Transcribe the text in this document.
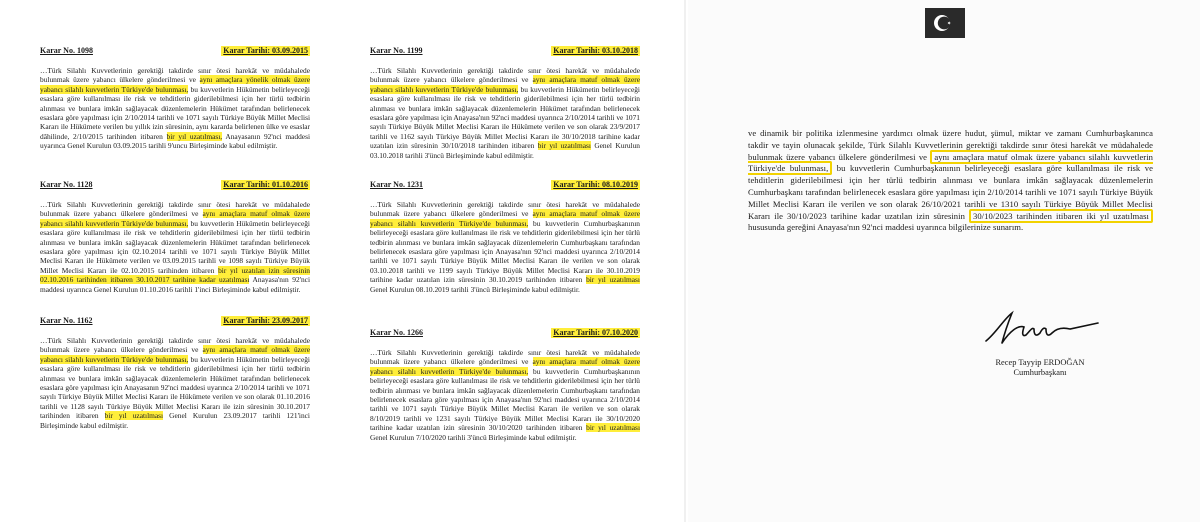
Karar No. 1098	Karar Tarihi: 03.09.2015
…Türk Silahlı Kuvvetlerinin gerektiği takdirde sınır ötesi harekât ve müdahalede bulunmak üzere yabancı ülkelere gönderilmesi ve aynı amaçlara yönelik olmak üzere yabancı silahlı kuvvetlerin Türkiye'de bulunması, bu kuvvetlerin Hükümetin belirleyeceği esaslara göre kullanılması ile risk ve tehditlerin giderilebilmesi için her türlü tedbirin alınması ve bunlara imkân sağlayacak düzenlemelerin Hükümet tarafından belirlenecek esaslara göre yapılması için 2/10/2014 tarihli ve 1071 sayılı Türkiye Büyük Millet Meclisi Kararı ile Hükümete verilen bu yıllık izin süresinin, aynı kararda belirlenen ülke ve esaslar dâhilinde, 2/10/2015 tarihinden itibaren bir yıl uzatılması, Anayasanın 92'nci maddesi uyarınca Genel Kurulun 03.09.2015 tarihli 9'uncu Birleşiminde kabul edilmiştir.
Karar No. 1128	Karar Tarihi: 01.10.2016
…Türk Silahlı Kuvvetlerinin gerektiği takdirde sınır ötesi harekât ve müdahalede bulunmak üzere yabancı ülkelere gönderilmesi ve aynı amaçlara matuf olmak üzere yabancı silahlı kuvvetlerin Türkiye'de bulunması, bu kuvvetlerin Hükümetin belirleyeceği esaslara göre kullanılması ile risk ve tehditlerin giderilebilmesi için her türlü tedbirin alınması ve bunlara imkân sağlayacak düzenlemelerin Hükümet tarafından belirlenecek esaslara göre yapılması için 02.10.2014 tarihli ve 1071 sayılı Türkiye Büyük Millet Meclisi Kararı ile Hükümete verilen ve 03.09.2015 tarihli ve 1098 sayılı Türkiye Büyük Millet Meclisi Kararı ile 02.10.2015 tarihinden itibaren bir yıl uzatılan izin süresinin 02.10.2016 tarihinden itibaren 30.10.2017 tarihine kadar uzatılması Anayasa'nın 92'nci maddesi uyarınca Genel Kurulun 01.10.2016 tarihli 1'inci Birleşiminde kabul edilmiştir.
Karar No. 1162	Karar Tarihi: 23.09.2017
…Türk Silahlı Kuvvetlerinin gerektiği takdirde sınır ötesi harekât ve müdahalede bulunmak üzere yabancı ülkelere gönderilmesi ve aynı amaçlara matuf olmak üzere yabancı silahlı kuvvetlerin Türkiye'de bulunması, bu kuvvetlerin Hükümetin belirleyeceği esaslara göre kullanılması ile risk ve tehditlerin giderilebilmesi için her türlü tedbirin alınması ve bunlara imkân sağlayacak düzenlemelerin Hükümet tarafından belirlenecek esaslara göre yapılması için Anayasanın 92'nci maddesi uyarınca 2/10/2014 tarihli ve 1071 sayılı Türkiye Büyük Millet Meclisi Kararı ile Hükümete verilen ve son olarak 01.10.2016 tarihli ve 1128 sayılı Türkiye Büyük Millet Meclisi Kararı ile izin süresinin 30.10.2017 tarihinden itibaren bir yıl uzatılması Genel Kurulun 23.09.2017 tarihli 121'inci Birleşiminde kabul edilmiştir.
Karar No. 1199	Karar Tarihi: 03.10.2018
…Türk Silahlı Kuvvetlerinin gerektiği takdirde sınır ötesi harekât ve müdahalede bulunmak üzere yabancı ülkelere gönderilmesi ve aynı amaçlara matuf olmak üzere yabancı silahlı kuvvetlerin Türkiye'de bulunması, bu kuvvetlerin Hükümetin belirleyeceği esaslara göre kullanılması ile risk ve tehditlerin giderilebilmesi için her türlü tedbirin alınması ve bunlara imkân sağlayacak düzenlemelerin Hükümet tarafından belirlenecek esaslara göre yapılması için Anayasa'nın 92'nci maddesi uyarınca 2/10/2014 tarihli ve 1071 sayılı Türkiye Büyük Millet Meclisi Kararı ile Hükümete verilen ve son olarak 23/9/2017 tarihli ve 1162 sayılı Türkiye Büyük Millet Meclisi Kararı ile 30/10/2018 tarihine kadar uzatılan izin süresinin 30/10/2018 tarihinden itibaren bir yıl uzatılması Genel Kurulun 03.10.2018 tarihli 3'üncü Birleşiminde kabul edilmiştir.
Karar No. 1231	Karar Tarihi: 08.10.2019
…Türk Silahlı Kuvvetlerinin gerektiği takdirde sınır ötesi harekât ve müdahalede bulunmak üzere yabancı ülkelere gönderilmesi ve aynı amaçlara matuf olmak üzere yabancı silahlı kuvvetlerin Türkiye'de bulunması, bu kuvvetlerin Cumhurbaşkanının belirleyeceği esaslara göre kullanılması ile risk ve tehditlerin giderilebilmesi için her türlü tedbirin alınması ve bunlara imkân sağlayacak düzenlemelerin Cumhurbaşkanı tarafından belirlenecek esaslara göre yapılması için Anayasa'nın 92'nci maddesi uyarınca 2/10/2014 tarihli ve 1071 sayılı Türkiye Büyük Millet Meclisi Kararı ile verilen ve son olarak 03.10.2018 tarihli ve 1199 sayılı Türkiye Büyük Millet Meclisi Kararı ile 30.10.2019 tarihine kadar uzatılan izin süresinin 30.10.2019 tarihinden itibaren bir yıl uzatılması Genel Kurulun 08.10.2019 tarihli 3'üncü Birleşiminde kabul edilmiştir.
Karar No. 1266	Karar Tarihi: 07.10.2020
…Türk Silahlı Kuvvetlerinin gerektiği takdirde sınır ötesi harekât ve müdahalede bulunmak üzere yabancı ülkelere gönderilmesi ve aynı amaçlara matuf olmak üzere yabancı silahlı kuvvetlerin Türkiye'de bulunması, bu kuvvetlerin Cumhurbaşkanının belirleyeceği esaslara göre kullanılması ile risk ve tehditlerin giderilebilmesi için her türlü tedbirin alınması ve bunlara imkân sağlayacak düzenlemelerin Cumhurbaşkanı tarafından belirlenecek esaslara göre yapılması için Anayasa'nın 92'nci maddesi uyarınca 2/10/2014 tarihli ve 1071 sayılı Türkiye Büyük Millet Meclisi Kararı ile verilen ve son olarak 8/10/2019 tarihli ve 1231 sayılı Türkiye Büyük Millet Meclisi Kararı ile 30/10/2020 tarihine kadar uzatılan izin süresinin 30/10/2020 tarihinden itibaren bir yıl uzatılması Genel Kurulun 7/10/2020 tarihli 3'üncü Birleşiminde kabul edilmiştir.
ve dinamik bir politika izlenmesine yardımcı olmak üzere hudut, şümul, miktar ve zamanı Cumhurbaşkanınca takdir ve tayin olunacak şekilde, Türk Silahlı Kuvvetlerinin gerektiği takdirde sınır ötesi harekât ve müdahalede bulunmak üzere yabancı ülkelere gönderilmesi ve aynı amaçlara matuf olmak üzere yabancı silahlı kuvvetlerin Türkiye'de bulunması, bu kuvvetlerin Cumhurbaşkanının belirleyeceği esaslara göre kullanılması ile risk ve tehditlerin giderilebilmesi için her türlü tedbirin alınması ve bunlara imkân sağlayacak düzenlemelerin Cumhurbaşkanı tarafından belirlenecek esaslara göre yapılması için 2/10/2014 tarihli ve 1071 sayılı Türkiye Büyük Millet Meclisi Kararı ile verilen ve son olarak 26/10/2021 tarihli ve 1310 sayılı Türkiye Büyük Millet Meclisi Kararı ile 30/10/2023 tarihine kadar uzatılan izin süresinin 30/10/2023 tarihinden itibaren iki yıl uzatılması hususunda gereğini Anayasa'nın 92'nci maddesi uyarınca bilgilerinize sunarım.
Recep Tayyip ERDOĞAN
Cumhurbaşkanı
